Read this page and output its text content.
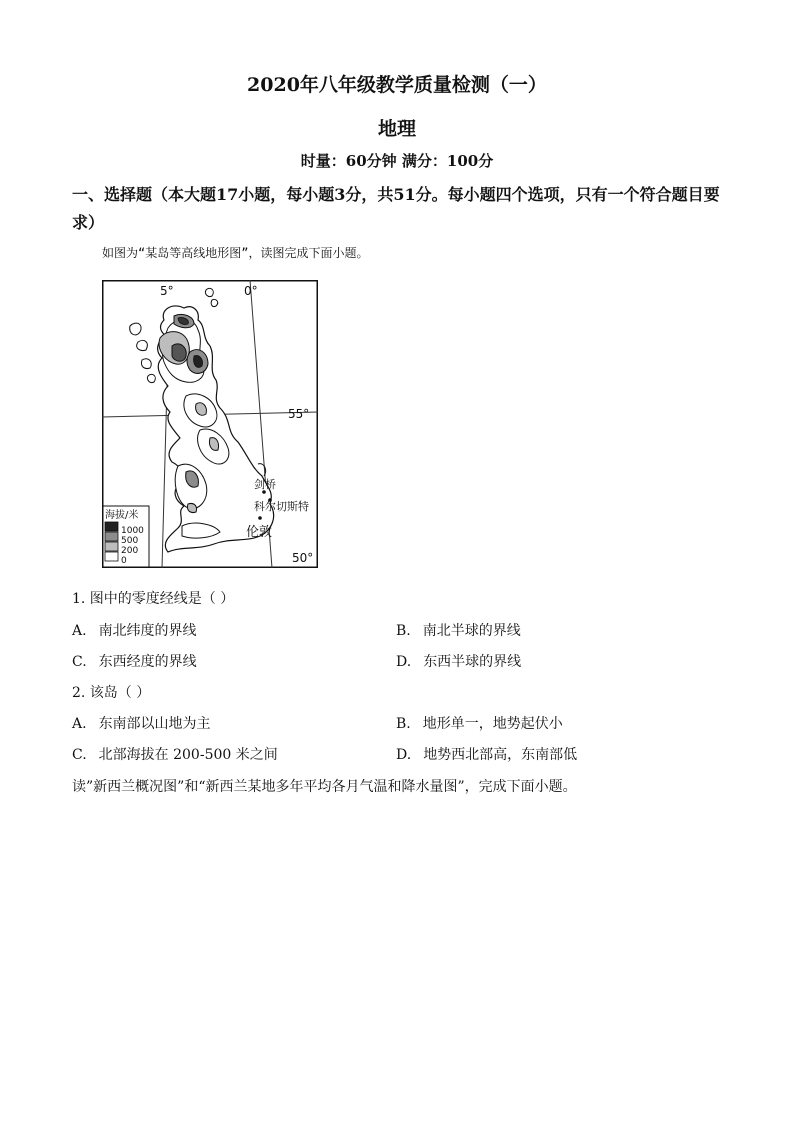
2020年八年级教学质量检测（一）
地理
时量：60分钟 满分：100分
一、选择题（本大题17小题，每小题3分，共51分。每小题四个选项，只有一个符合题目要求）
如图为“某岛等高线地形图”，读图完成下面小题。
5°	0°
55°
50°
剑桥
科尔切斯特
伦敦
海拔/米
1000
500
200
0
1. 图中的零度经线是（ ）
A. 南北纬度的界线	B. 南北半球的界线
C. 东西经度的界线	D. 东西半球的界线
2. 该岛（ ）
A. 东南部以山地为主	B. 地形单一，地势起伏小
C. 北部海拔在 200-500 米之间	D. 地势西北部高，东南部低
读”新西兰概况图”和“新西兰某地多年平均各月气温和降水量图”，完成下面小题。
